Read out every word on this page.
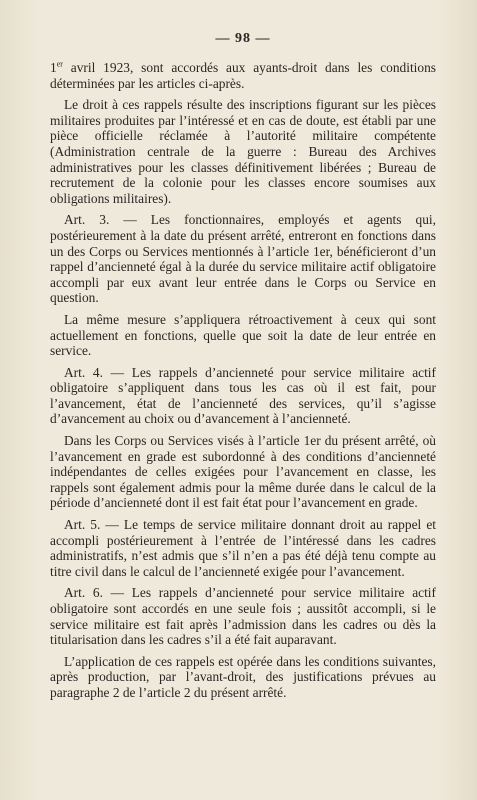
— 98 —

1er avril 1923, sont accordés aux ayants-droit dans les conditions déterminées par les articles ci-après.

Le droit à ces rappels résulte des inscriptions figurant sur les pièces militaires produites par l’intéressé et en cas de doute, est établi par une pièce officielle réclamée à l’autorité militaire compétente (Administration centrale de la guerre : Bureau des Archives administratives pour les classes définitivement libérées ; Bureau de recrutement de la colonie pour les classes encore soumises aux obligations militaires).

Art. 3. — Les fonctionnaires, employés et agents qui, postérieurement à la date du présent arrêté, entreront en fonctions dans un des Corps ou Services mentionnés à l’article 1er, bénéficieront d’un rappel d’ancienneté égal à la durée du service militaire actif obligatoire accompli par eux avant leur entrée dans le Corps ou Service en question.

La même mesure s’appliquera rétroactivement à ceux qui sont actuellement en fonctions, quelle que soit la date de leur entrée en service.

Art. 4. — Les rappels d’ancienneté pour service militaire actif obligatoire s’appliquent dans tous les cas où il est fait, pour l’avancement, état de l’ancienneté des services, qu’il s’agisse d’avancement au choix ou d’avancement à l’ancienneté.

Dans les Corps ou Services visés à l’article 1er du présent arrêté, où l’avancement en grade est subordonné à des conditions d’ancienneté indépendantes de celles exigées pour l’avancement en classe, les rappels sont également admis pour la même durée dans le calcul de la période d’ancienneté dont il est fait état pour l’avancement en grade.

Art. 5. — Le temps de service militaire donnant droit au rappel et accompli postérieurement à l’entrée de l’intéressé dans les cadres administratifs, n’est admis que s’il n’en a pas été déjà tenu compte au titre civil dans le calcul de l’ancienneté exigée pour l’avancement.

Art. 6. — Les rappels d’ancienneté pour service militaire actif obligatoire sont accordés en une seule fois ; aussitôt accompli, si le service militaire est fait après l’admission dans les cadres ou dès la titularisation dans les cadres s’il a été fait auparavant.

L’application de ces rappels est opérée dans les conditions suivantes, après production, par l’avant-droit, des justifications prévues au paragraphe 2 de l’article 2 du présent arrêté.
